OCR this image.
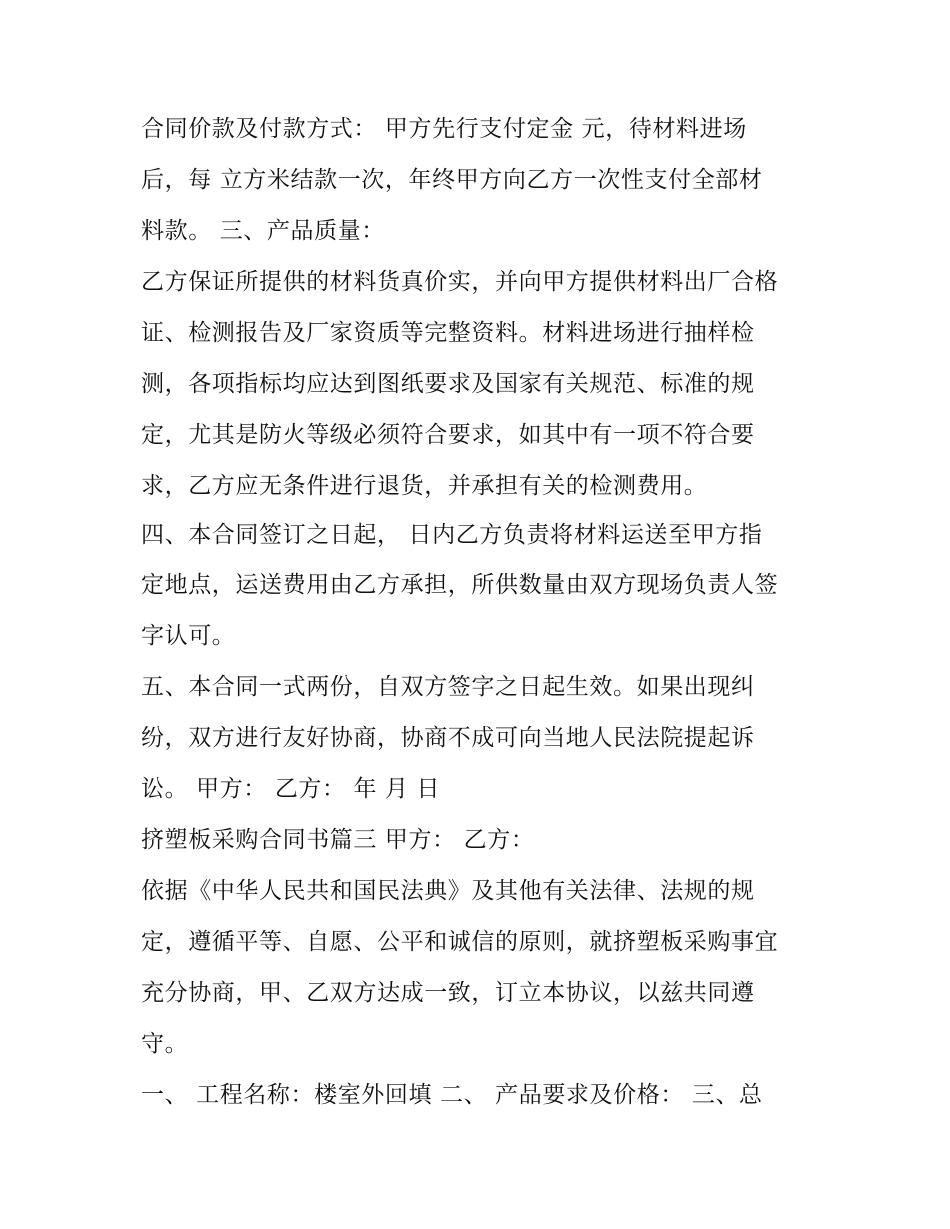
合同价款及付款方式： 甲方先行支付定金 元，待材料进场
后，每 立方米结款一次，年终甲方向乙方一次性支付全部材
料款。 三、产品质量：
乙方保证所提供的材料货真价实，并向甲方提供材料出厂合格
证、检测报告及厂家资质等完整资料。材料进场进行抽样检
测，各项指标均应达到图纸要求及国家有关规范、标准的规
定，尤其是防火等级必须符合要求，如其中有一项不符合要
求，乙方应无条件进行退货，并承担有关的检测费用。
四、本合同签订之日起， 日内乙方负责将材料运送至甲方指
定地点，运送费用由乙方承担，所供数量由双方现场负责人签
字认可。
五、本合同一式两份，自双方签字之日起生效。如果出现纠
纷，双方进行友好协商，协商不成可向当地人民法院提起诉
讼。 甲方： 乙方： 年 月 日
挤塑板采购合同书篇三 甲方： 乙方：
依据《中华人民共和国民法典》及其他有关法律、法规的规
定，遵循平等、自愿、公平和诚信的原则，就挤塑板采购事宜
充分协商，甲、乙双方达成一致，订立本协议，以兹共同遵
守。
一、 工程名称：楼室外回填 二、 产品要求及价格： 三、总
